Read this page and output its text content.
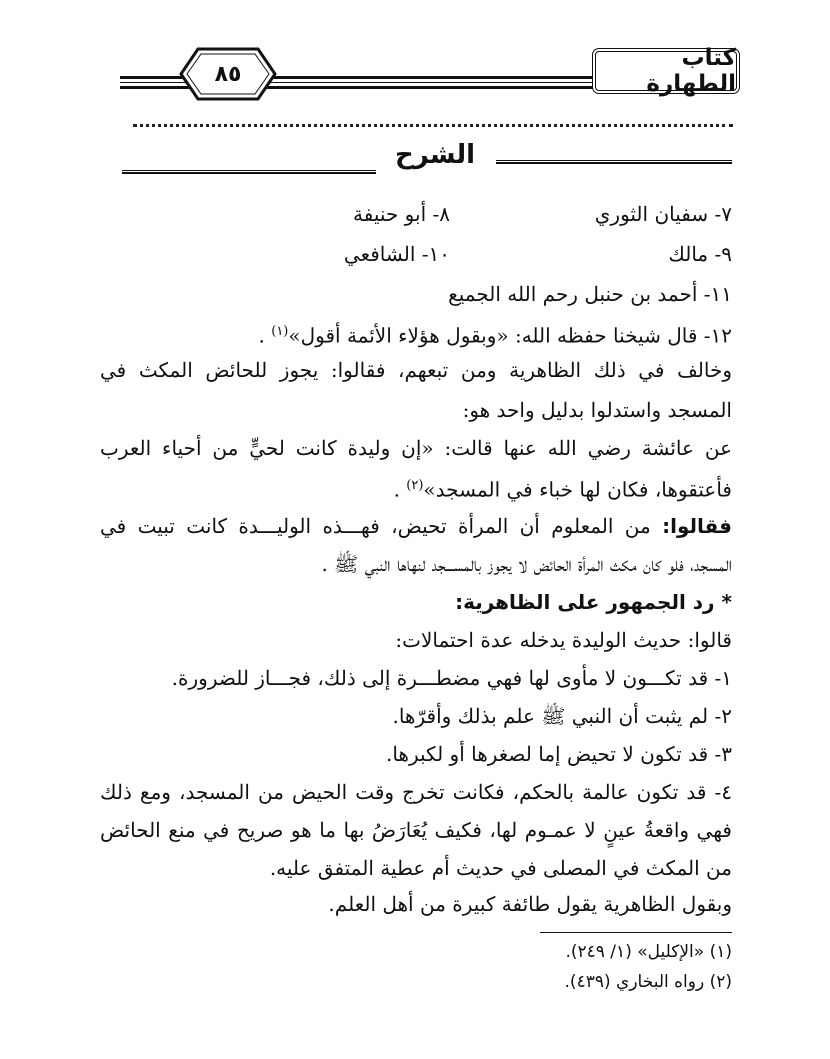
كتاب الطهارة
٨٥
الشرح
٧- سفيان الثوري
٨- أبو حنيفة
٩- مالك
١٠- الشافعي
١١- أحمد بن حنبل رحم الله الجميع
١٢- قال شيخنا حفظه الله: «وبقول هؤلاء الأئمة أقول»$^{(١)}$ .
وخالف في ذلك الظاهرية ومن تبعهم، فقالوا: يجوز للحائض المكث في
المسجد واستدلوا بدليل واحد هو:
عن عائشة رضي الله عنها قالت: «إن وليدة كانت لحيٍّ من أحياء العرب
فأعتقوها، فكان لها خباء في المسجد»$^{(٢)}$ .
فقالوا: من المعلوم أن المرأة تحيض، فهـــذه الوليـــدة كانت تبيت في
المسجد، فلو كان مكث المرأة الحائض لا يجوز بالمســـجد لنهاها النبي ﷺ .
* رد الجمهور على الظاهرية:
قالوا: حديث الوليدة يدخله عدة احتمالات:
١- قد تكـــون لا مأوى لها فهي مضطـــرة إلى ذلك، فجـــاز للضرورة.
٢- لم يثبت أن النبي ﷺ علم بذلك وأقرّها.
٣- قد تكون لا تحيض إما لصغرها أو لكبرها.
٤- قد تكون عالمة بالحكم، فكانت تخرج وقت الحيض من المسجد، ومع ذلك
فهي واقعةُ عينٍ لا عمـوم لها، فكيف يُعَارَضُ بها ما هو صريح في منع الحائض
من المكث في المصلى في حديث أم عطية المتفق عليه.
وبقول الظاهرية يقول طائفة كبيرة من أهل العلم.
(١) «الإكليل» (١/ ٢٤٩).
(٢) رواه البخاري (٤٣٩).
